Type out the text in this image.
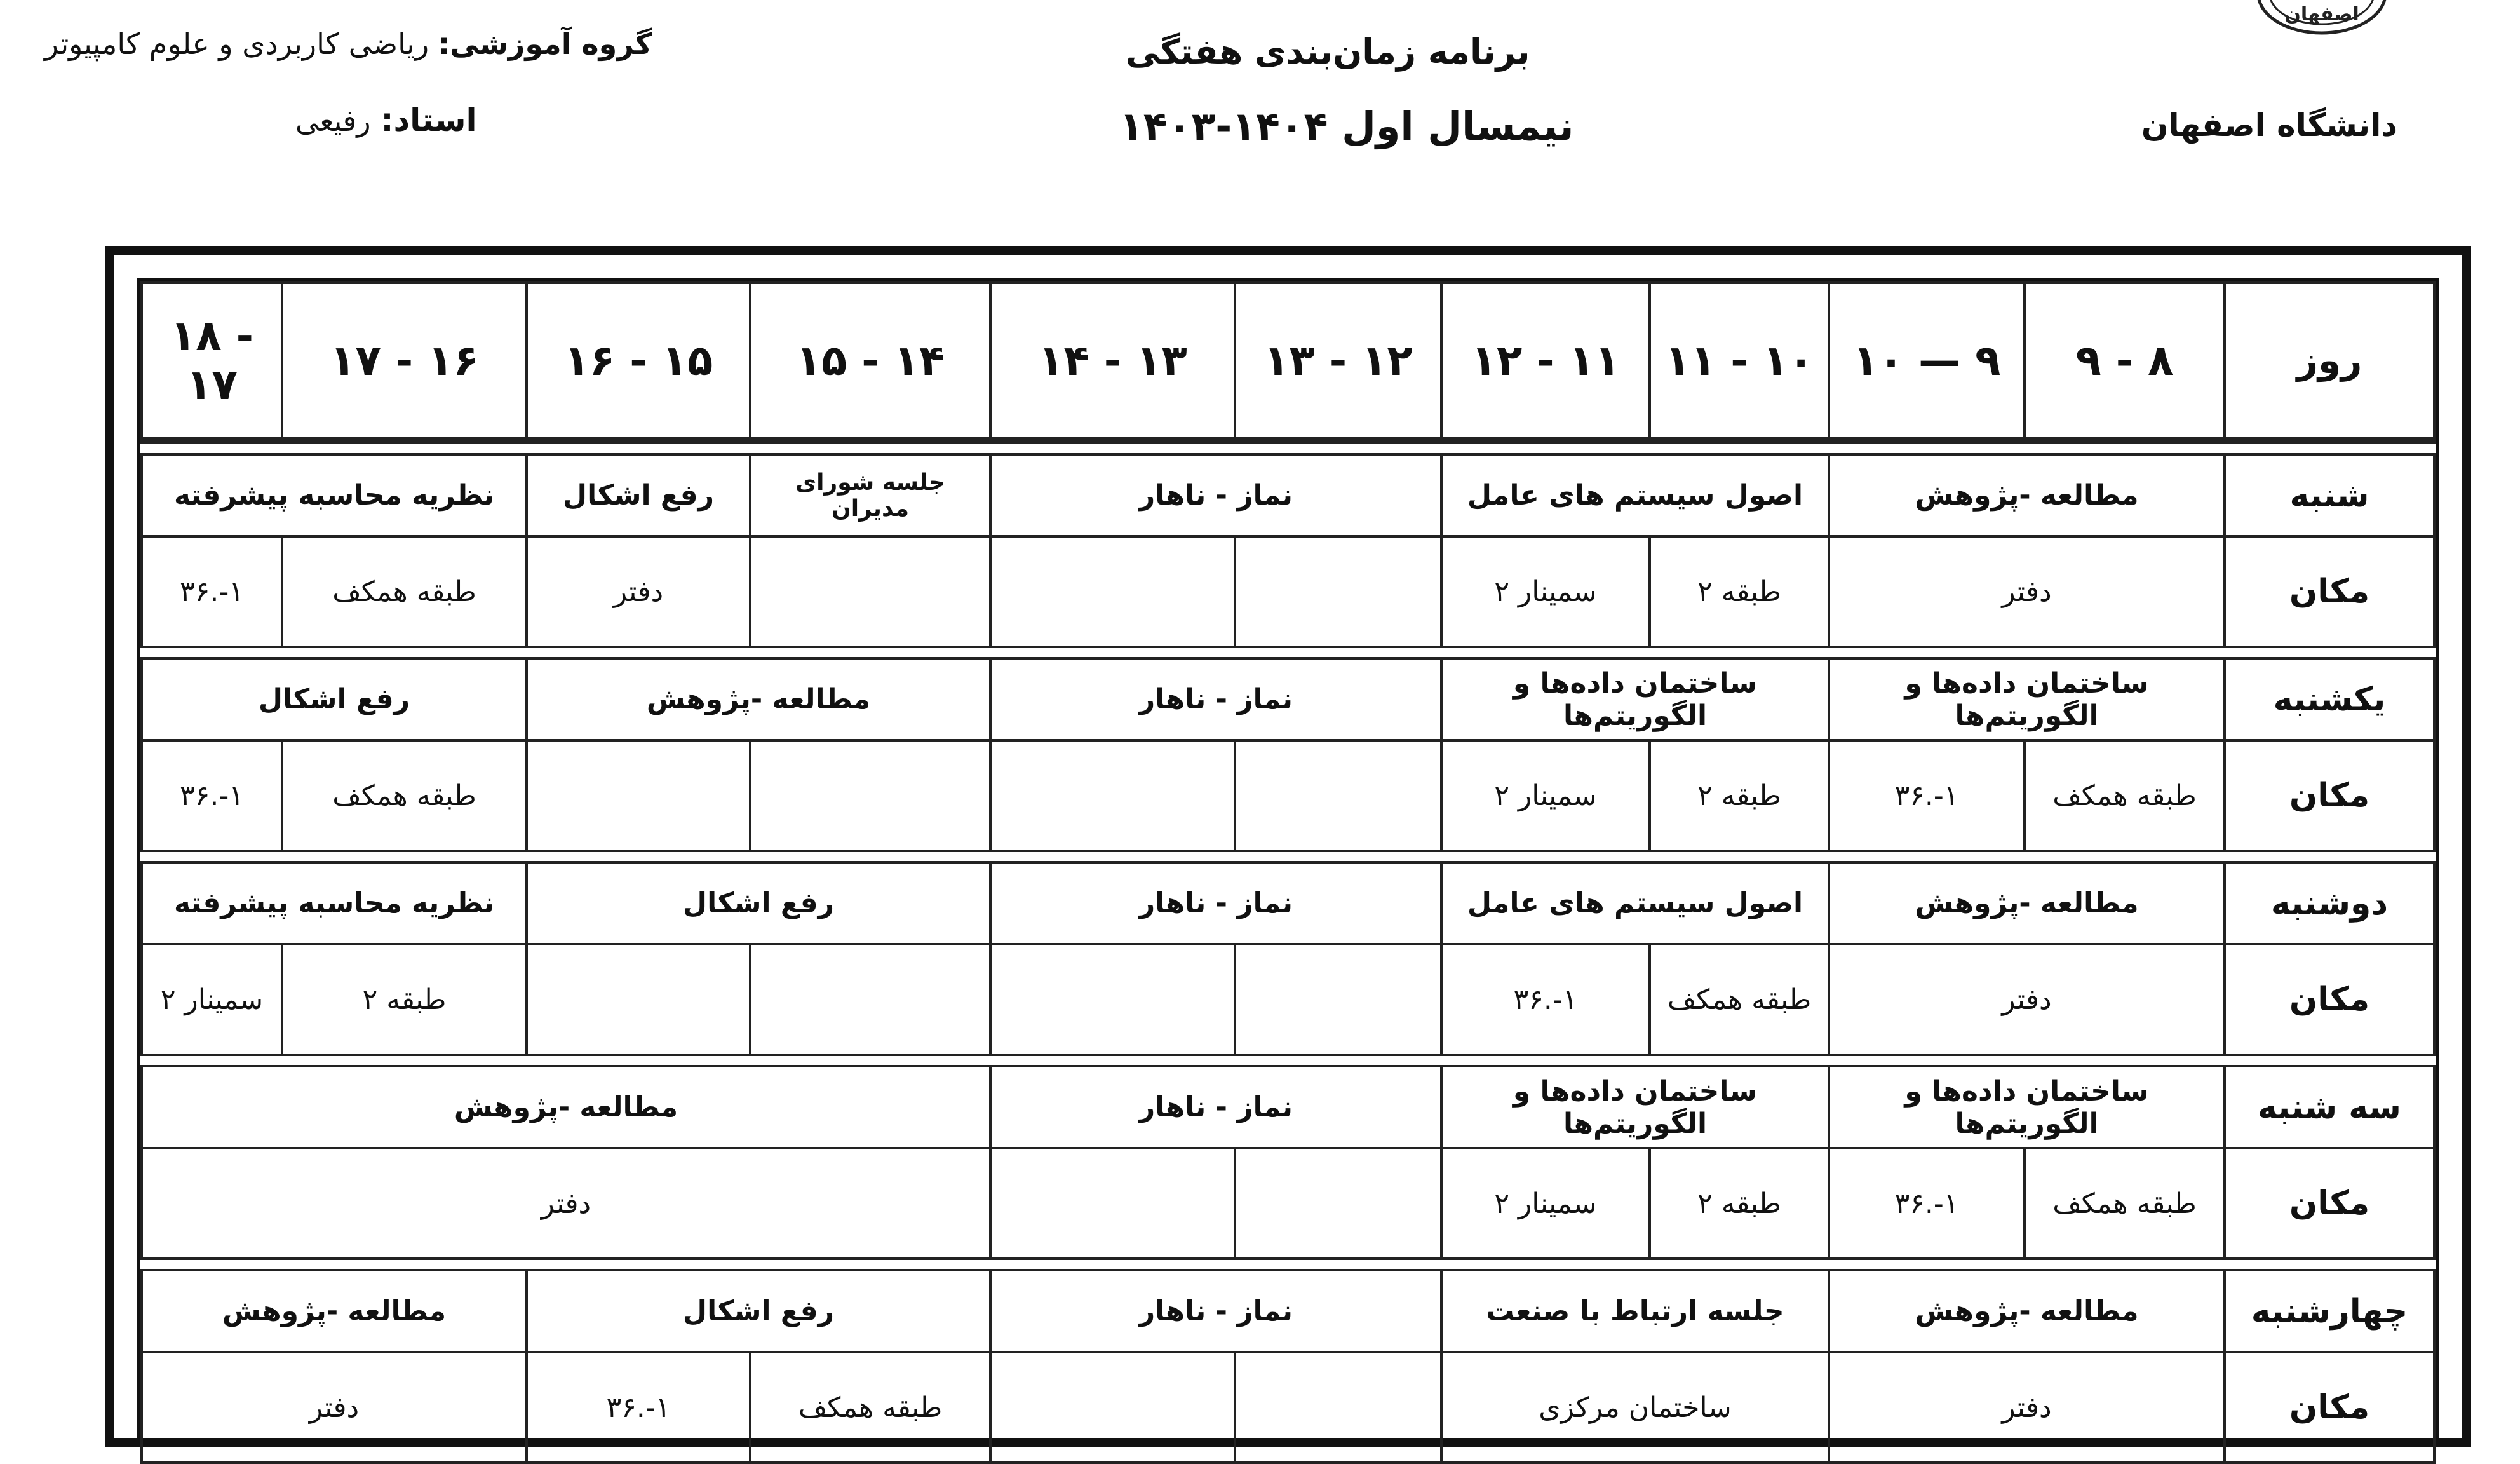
اصفهان
دانشگاه اصفهان
برنامه زمان‌بندی هفتگی
نیمسال اول ۱۴۰۴-۱۴۰۳
گروه آموزشی: ریاضی کاربردی و علوم کامپیوتر
استاد: رفیعی
روز	۹ - ۸	۱۰ — ۹	۱۱ - ۱۰	۱۲ - ۱۱	۱۳ - ۱۲	۱۴ - ۱۳	۱۵ - ۱۴	۱۶ - ۱۵	۱۷ - ۱۶	۱۸ - ۱۷

شنبه	مطالعه -پژوهش		اصول سیستم های عامل		نماز - ناهار		جلسه شورای مدیران	رفع اشکال	نظریه محاسبه پیشرفته	
مکان	دفتر		طبقه ۲	سمینار ۲				دفتر	طبقه همکف	۳۶.-۱

یکشنبه	ساختمان داده‌ها و الگوریتم‌ها		ساختمان داده‌ها و الگوریتم‌ها		نماز - ناهار		مطالعه -پژوهش		رفع اشکال	
مکان	طبقه همکف	۳۶.-۱	طبقه ۲	سمینار ۲					طبقه همکف	۳۶.-۱

دوشنبه	مطالعه -پژوهش		اصول سیستم های عامل		نماز - ناهار		رفع اشکال		نظریه محاسبه پیشرفته	
مکان	دفتر		طبقه همکف	۳۶.-۱					طبقه ۲	سمینار ۲

سه شنبه	ساختمان داده‌ها و الگوریتم‌ها		ساختمان داده‌ها و الگوریتم‌ها		نماز - ناهار		مطالعه -پژوهش			
مکان	طبقه همکف	۳۶.-۱	طبقه ۲	سمینار ۲			دفتر			

چهارشنبه	مطالعه -پژوهش		جلسه ارتباط با صنعت		نماز - ناهار		رفع اشکال		مطالعه -پژوهش	
مکان	دفتر		ساختمان مرکزی				طبقه همکف	۳۶.-۱	دفتر	
